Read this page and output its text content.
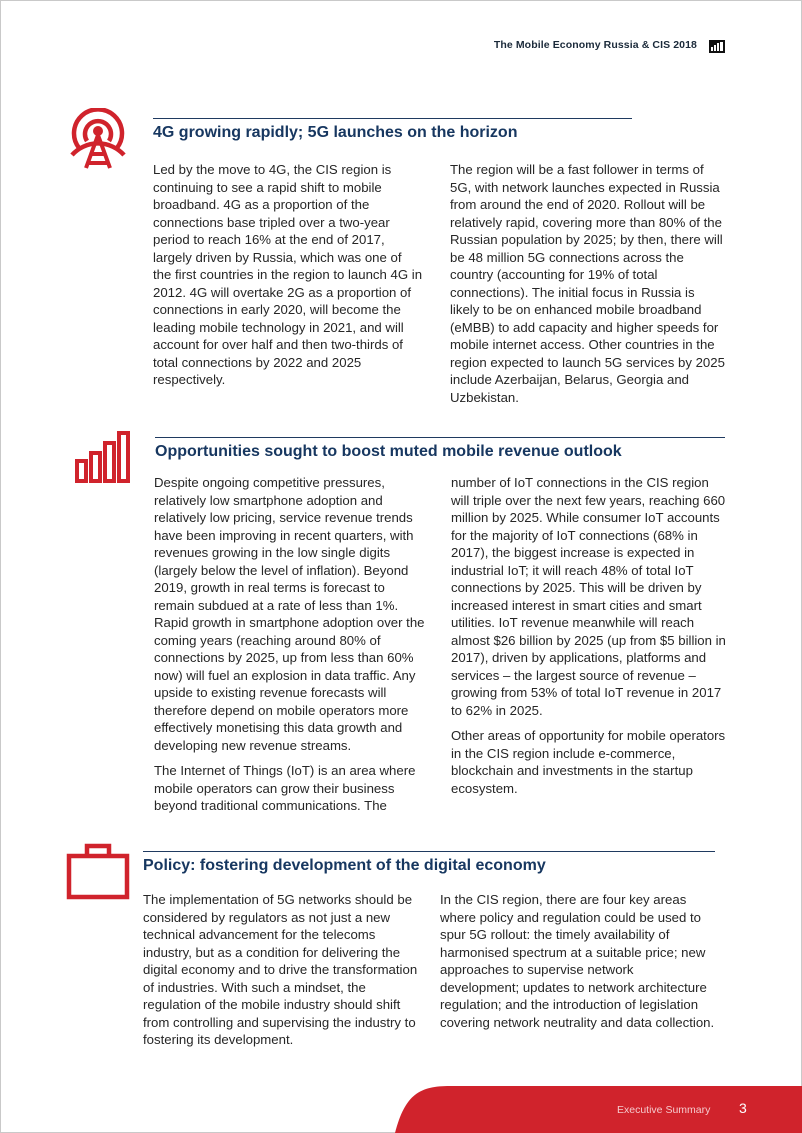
The Mobile Economy Russia & CIS 2018
4G growing rapidly; 5G launches on the horizon

Led by the move to 4G, the CIS region is continuing to see a rapid shift to mobile broadband. 4G as a proportion of the connections base tripled over a two-year period to reach 16% at the end of 2017, largely driven by Russia, which was one of the first countries in the region to launch 4G in 2012. 4G will overtake 2G as a proportion of connections in early 2020, will become the leading mobile technology in 2021, and will account for over half and then two-thirds of total connections by 2022 and 2025 respectively.

The region will be a fast follower in terms of 5G, with network launches expected in Russia from around the end of 2020. Rollout will be relatively rapid, covering more than 80% of the Russian population by 2025; by then, there will be 48 million 5G connections across the country (accounting for 19% of total connections). The initial focus in Russia is likely to be on enhanced mobile broadband (eMBB) to add capacity and higher speeds for mobile internet access. Other countries in the region expected to launch 5G services by 2025 include Azerbaijan, Belarus, Georgia and Uzbekistan.

Opportunities sought to boost muted mobile revenue outlook

Despite ongoing competitive pressures, relatively low smartphone adoption and relatively low pricing, service revenue trends have been improving in recent quarters, with revenues growing in the low single digits (largely below the level of inflation). Beyond 2019, growth in real terms is forecast to remain subdued at a rate of less than 1%. Rapid growth in smartphone adoption over the coming years (reaching around 80% of connections by 2025, up from less than 60% now) will fuel an explosion in data traffic. Any upside to existing revenue forecasts will therefore depend on mobile operators more effectively monetising this data growth and developing new revenue streams.

The Internet of Things (IoT) is an area where mobile operators can grow their business beyond traditional communications. The

number of IoT connections in the CIS region will triple over the next few years, reaching 660 million by 2025. While consumer IoT accounts for the majority of IoT connections (68% in 2017), the biggest increase is expected in industrial IoT; it will reach 48% of total IoT connections by 2025. This will be driven by increased interest in smart cities and smart utilities. IoT revenue meanwhile will reach almost $26 billion by 2025 (up from $5 billion in 2017), driven by applications, platforms and services – the largest source of revenue – growing from 53% of total IoT revenue in 2017 to 62% in 2025.

Other areas of opportunity for mobile operators in the CIS region include e-commerce, blockchain and investments in the startup ecosystem.

Policy: fostering development of the digital economy

The implementation of 5G networks should be considered by regulators as not just a new technical advancement for the telecoms industry, but as a condition for delivering the digital economy and to drive the transformation of industries. With such a mindset, the regulation of the mobile industry should shift from controlling and supervising the industry to fostering its development.

In the CIS region, there are four key areas where policy and regulation could be used to spur 5G rollout: the timely availability of harmonised spectrum at a suitable price; new approaches to supervise network development; updates to network architecture regulation; and the introduction of legislation covering network neutrality and data collection.

Executive Summary 3
